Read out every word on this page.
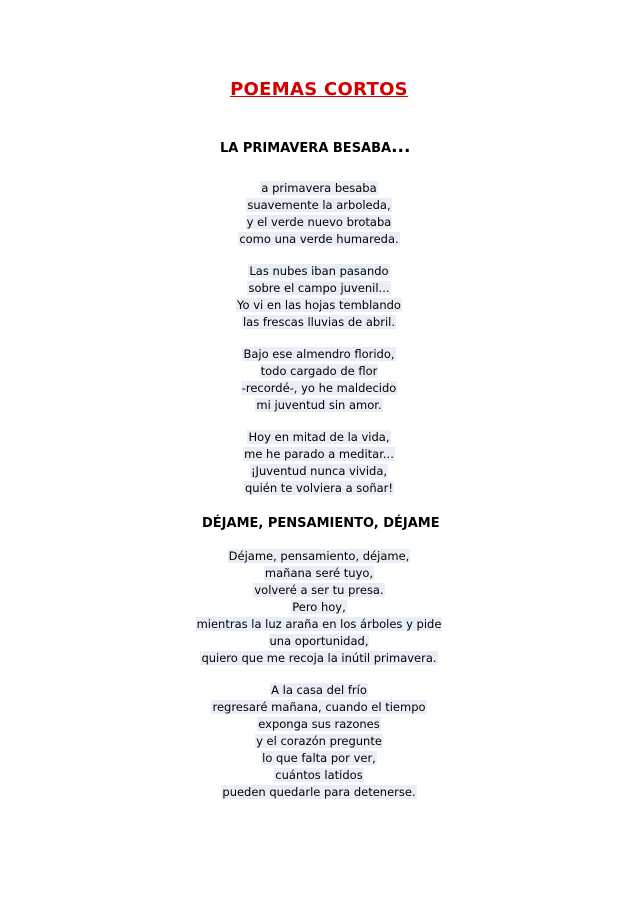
POEMAS CORTOS
LA PRIMAVERA BESABA...
a primavera besaba
suavemente la arboleda,
y el verde nuevo brotaba
como una verde humareda.
Las nubes iban pasando
sobre el campo juvenil...
Yo vi en las hojas temblando
las frescas lluvias de abril.
Bajo ese almendro florido,
todo cargado de flor
-recordé-, yo he maldecido
mi juventud sin amor.
Hoy en mitad de la vida,
me he parado a meditar...
¡Juventud nunca vivida,
quién te volviera a soñar!
DÉJAME, PENSAMIENTO, DÉJAME
Déjame, pensamiento, déjame,
mañana seré tuyo,
volveré a ser tu presa.
Pero hoy,
mientras la luz araña en los árboles y pide
una oportunidad,
quiero que me recoja la inútil primavera.
A la casa del frío
regresaré mañana, cuando el tiempo
exponga sus razones
y el corazón pregunte
lo que falta por ver,
cuántos latidos
pueden quedarle para detenerse.
